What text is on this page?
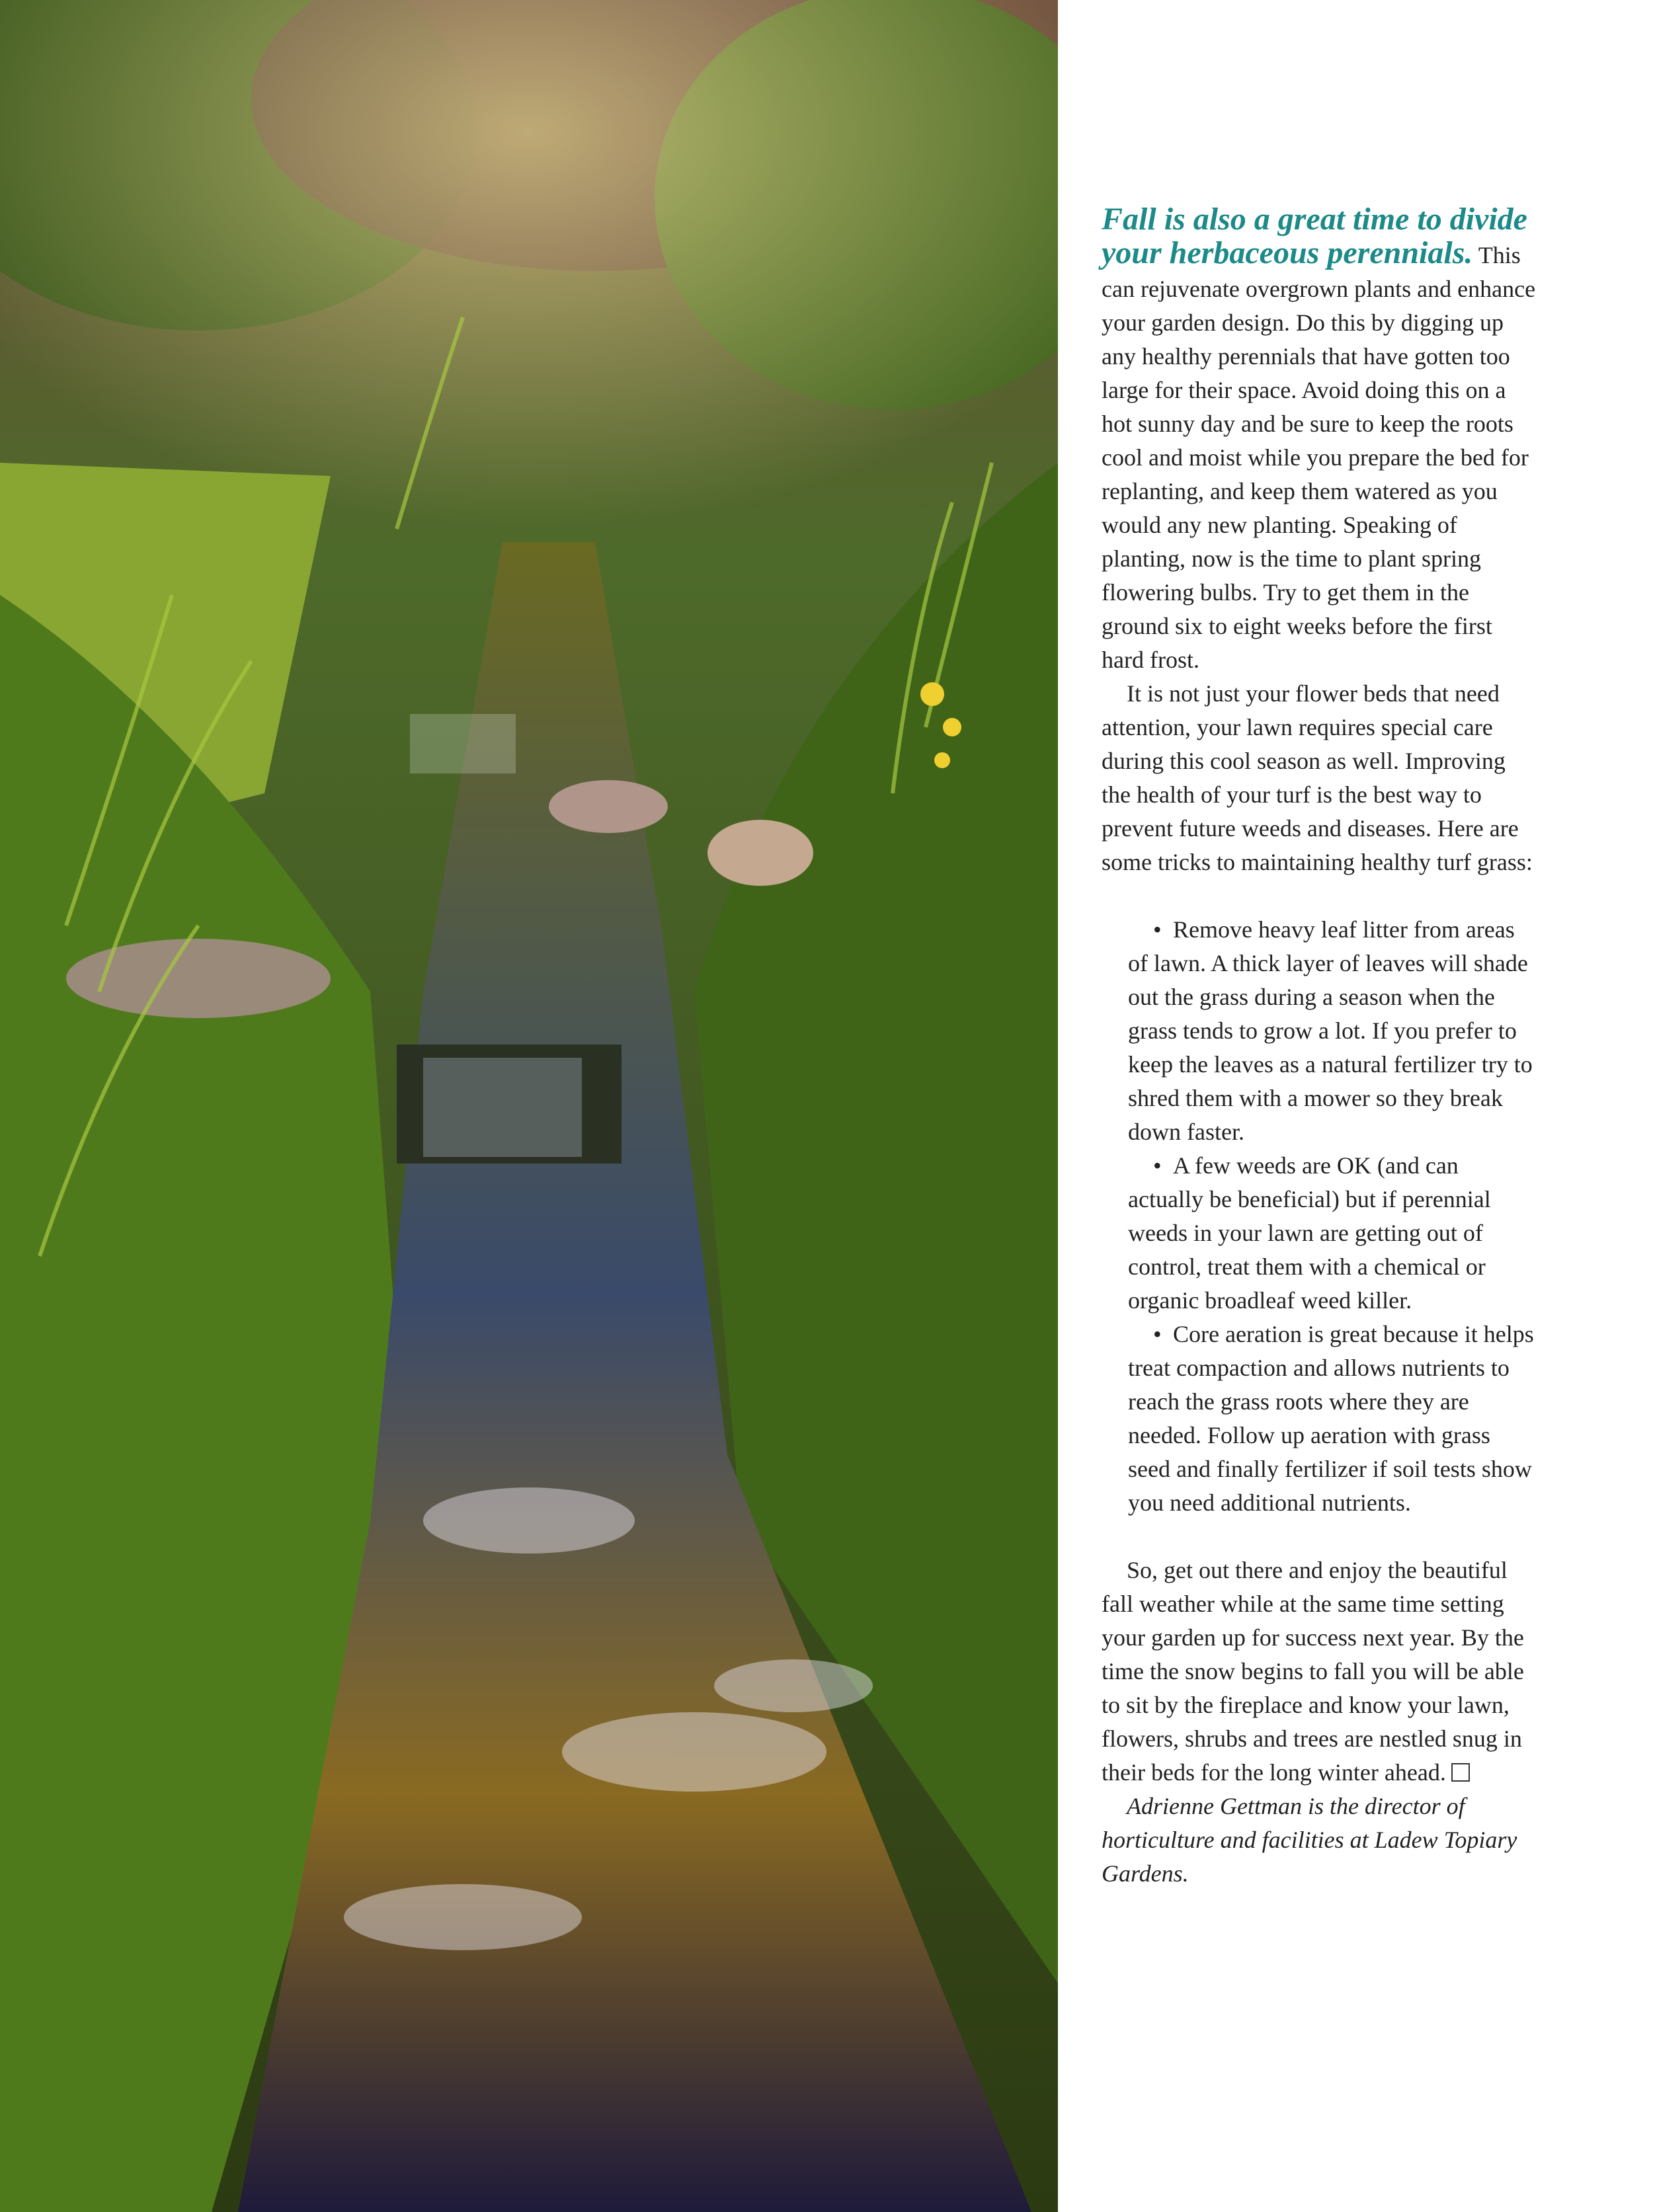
Fall is also a great time to divide your herbaceous perennials. This can rejuvenate overgrown plants and enhance your garden design. Do this by digging up any healthy perennials that have gotten too large for their space. Avoid doing this on a hot sunny day and be sure to keep the roots cool and moist while you prepare the bed for replanting, and keep them watered as you would any new planting. Speaking of planting, now is the time to plant spring flowering bulbs. Try to get them in the ground six to eight weeks before the first hard frost.

It is not just your flower beds that need attention, your lawn requires special care during this cool season as well. Improving the health of your turf is the best way to prevent future weeds and diseases. Here are some tricks to maintaining healthy turf grass:

• Remove heavy leaf litter from areas of lawn. A thick layer of leaves will shade out the grass during a season when the grass tends to grow a lot. If you prefer to keep the leaves as a natural fertilizer try to shred them with a mower so they break down faster.
• A few weeds are OK (and can actually be beneficial) but if perennial weeds in your lawn are getting out of control, treat them with a chemical or organic broadleaf weed killer.
• Core aeration is great because it helps treat compaction and allows nutrients to reach the grass roots where they are needed. Follow up aeration with grass seed and finally fertilizer if soil tests show you need additional nutrients.

So, get out there and enjoy the beautiful fall weather while at the same time setting your garden up for success next year. By the time the snow begins to fall you will be able to sit by the fireplace and know your lawn, flowers, shrubs and trees are nestled snug in their beds for the long winter ahead.

Adrienne Gettman is the director of horticulture and facilities at Ladew Topiary Gardens.
